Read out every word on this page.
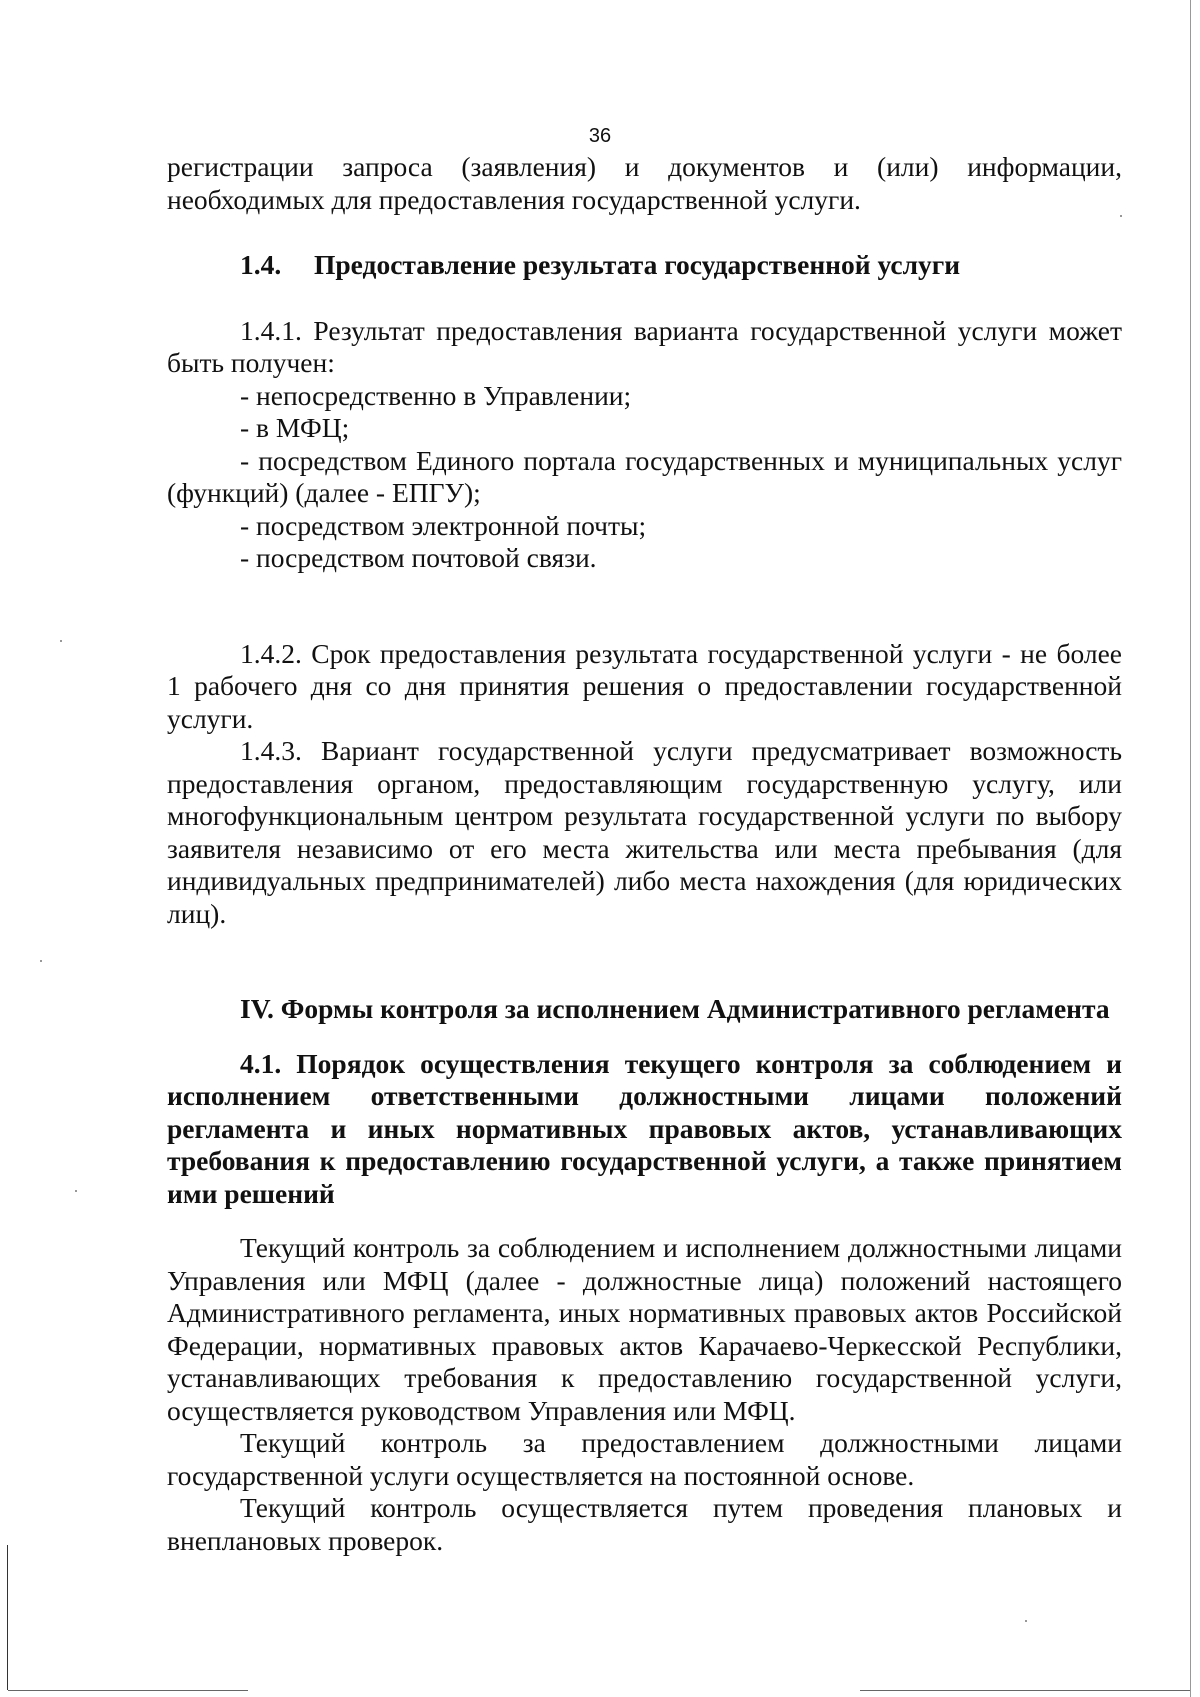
36

регистрации запроса (заявления) и документов и (или) информации, необходимых для предоставления государственной услуги.

1.4. Предоставление результата государственной услуги

1.4.1. Результат предоставления варианта государственной услуги может быть получен:

- непосредственно в Управлении;

- в МФЦ;

- посредством Единого портала государственных и муниципальных услуг (функций) (далее - ЕПГУ);

- посредством электронной почты;

- посредством почтовой связи.

1.4.2. Срок предоставления результата государственной услуги - не более 1 рабочего дня со дня принятия решения о предоставлении государственной услуги.

1.4.3. Вариант государственной услуги предусматривает возможность предоставления органом, предоставляющим государственную услугу, или многофункциональным центром результата государственной услуги по выбору заявителя независимо от его места жительства или места пребывания (для индивидуальных предпринимателей) либо места нахождения (для юридических лиц).

IV. Формы контроля за исполнением Административного регламента

4.1. Порядок осуществления текущего контроля за соблюдением и исполнением ответственными должностными лицами положений регламента и иных нормативных правовых актов, устанавливающих требования к предоставлению государственной услуги, а также принятием ими решений

Текущий контроль за соблюдением и исполнением должностными лицами Управления или МФЦ (далее - должностные лица) положений настоящего Административного регламента, иных нормативных правовых актов Российской Федерации, нормативных правовых актов Карачаево-Черкесской Республики, устанавливающих требования к предоставлению государственной услуги, осуществляется руководством Управления или МФЦ.

Текущий контроль за предоставлением должностными лицами государственной услуги осуществляется на постоянной основе.

Текущий контроль осуществляется путем проведения плановых и внеплановых проверок.
